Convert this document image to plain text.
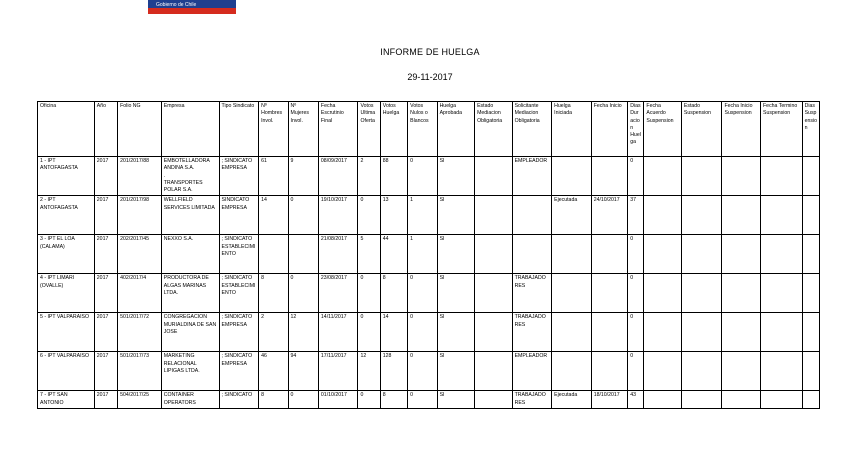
Gobierno de Chile
INFORME DE HUELGA
29-11-2017
Oficina	Año	Folio NG	Empresa	Tipo Sindicato	Nº Hombres Invol.	Nº Mujeres Invol.	Fecha Escrutinio Final	Votos Ultima Oferta	Votos Huelga	Votos Nulos o Blancos	Huelga Aprobada	Estado Mediacion Obligatoria	Solicitante Mediacion Obligatoria	Huelga Iniciada	Fecha Inicio	Dias Duracion Huelga	Fecha Acuerdo Suspension	Estado Suspension	Fecha Inicio Suspension	Fecha Termino Suspension	Dias Suspension
1 - IPT ANTOFAGASTA	2017	201/2017/88	EMBOTELLADORA ANDINA S.A.
.
TRANSPORTES POLAR S.A.	; SINDICATO EMPRESA	61	9	08/09/2017	2	88	0	SI		EMPLEADOR			0					
2 - IPT ANTOFAGASTA	2017	201/2017/98	WELLFIELD SERVICES LIMITADA	SINDICATO EMPRESA	14	0	19/10/2017	0	13	1	SI			Ejecutada	24/10/2017	37					
3 - IPT EL LOA (CALAMA)	2017	202/2017/45	NEXXO S.A.	; SINDICATO ESTABLECIMIENTO			21/08/2017	5	44	1	SI					0					
4 - IPT LIMARI (OVALLE)	2017	402/2017/4	PRODUCTORA DE ALGAS MARINAS LTDA.	; SINDICATO ESTABLECIMIENTO	8	0	23/08/2017	0	8	0	SI		TRABAJADORES			0					
5 - IPT VALPARAISO	2017	501/2017/72	CONGREGACION MURIALDINA DE SAN JOSE	; SINDICATO EMPRESA	2	12	14/11/2017	0	14	0	SI		TRABAJADORES			0					
6 - IPT VALPARAISO	2017	501/2017/73	MARKETING RELACIONAL LIPIGAS LTDA.	; SINDICATO EMPRESA	46	94	17/11/2017	12	128	0	SI		EMPLEADOR			0					
7 - IPT SAN ANTONIO	2017	504/2017/25	CONTAINER OPERATORS	; SINDICATO	8	0	01/10/2017	0	8	0	SI		TRABAJADORES	Ejecutada	18/10/2017	43					
